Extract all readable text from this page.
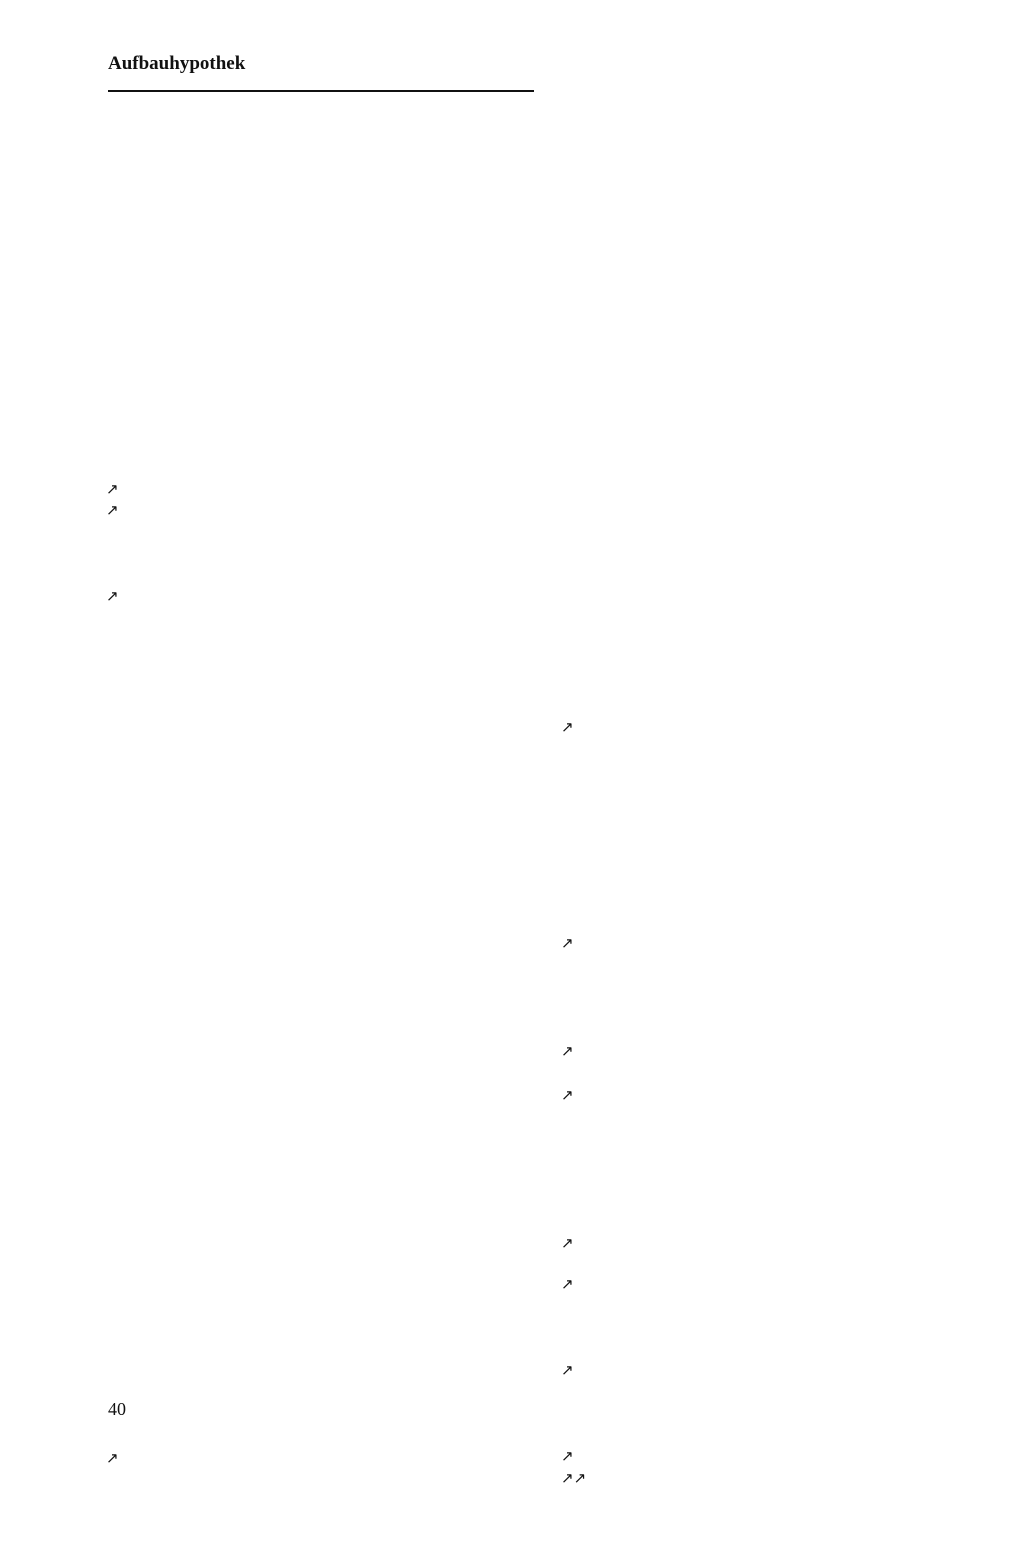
Aufbauhypothek
↗
↗
↗
↗
↗
↗
↗
↗
↗
↗
↗
↗
↗↗
40
